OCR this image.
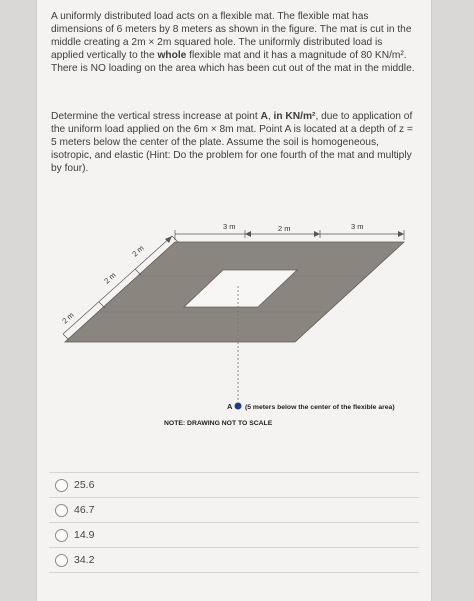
A uniformly distributed load acts on a flexible mat. The flexible mat has dimensions of 6 meters by 8 meters as shown in the figure. The mat is cut in the middle creating a 2m × 2m squared hole. The uniformly distributed load is applied vertically to the whole flexible mat and it has a magnitude of 80 KN/m². There is NO loading on the area which has been cut out of the mat in the middle.

Determine the vertical stress increase at point A, in KN/m², due to application of the uniform load applied on the 6m × 8m mat. Point A is located at a depth of z = 5 meters below the center of the plate. Assume the soil is homogeneous, isotropic, and elastic (Hint: Do the problem for one fourth of the mat and multiply by four).

3 m	2 m	3 m
2 m
2 m
2 m
A (5 meters below the center of the flexible area)
NOTE: DRAWING NOT TO SCALE
25.6
46.7
14.9
34.2
